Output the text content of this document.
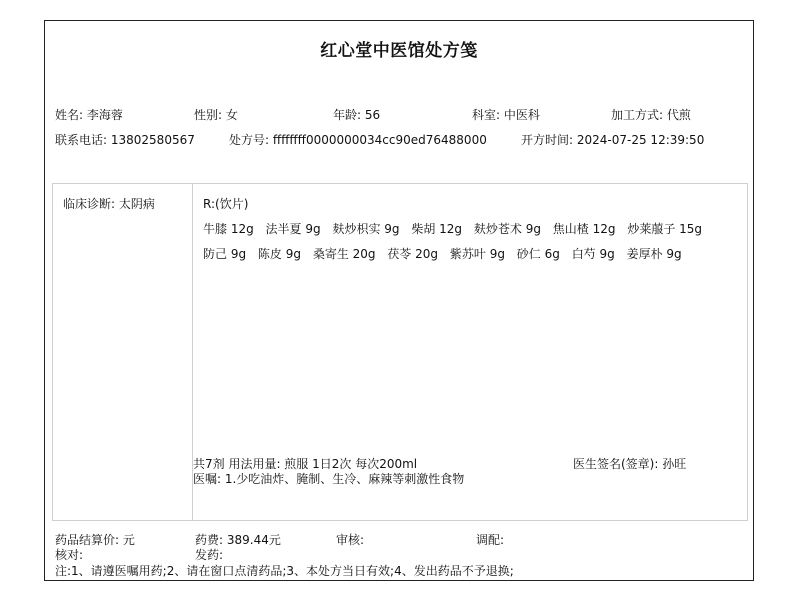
红心堂中医馆处方笺
姓名: 李海蓉	性别: 女	年龄: 56	科室: 中医科	加工方式: 代煎
联系电话: 13802580567	处方号: ffffffff0000000034cc90ed76488000	开方时间: 2024-07-25 12:39:50
临床诊断: 太阴病	R:(饮片)
牛膝 12g 法半夏 9g 麸炒枳实 9g 柴胡 12g 麸炒苍术 9g 焦山楂 12g 炒莱菔子 15g
防己 9g 陈皮 9g 桑寄生 20g 茯苓 20g 紫苏叶 9g 砂仁 6g 白芍 9g 姜厚朴 9g
共7剂 用法用量: 煎服 1日2次 每次200ml	医生签名(签章): 孙旺
医嘱: 1.少吃油炸、腌制、生冷、麻辣等刺激性食物
药品结算价: 元	药费: 389.44元	审核:	调配:
核对:	发药:
注:1、请遵医嘱用药;2、请在窗口点清药品;3、本处方当日有效;4、发出药品不予退换;
